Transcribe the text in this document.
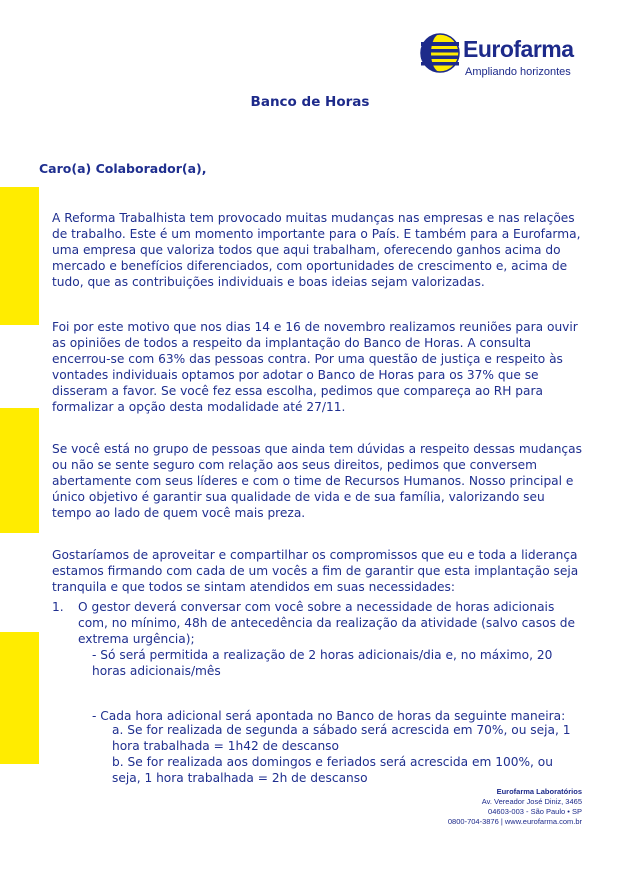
Eurofarma
Ampliando horizontes
Banco de Horas
Caro(a) Colaborador(a),

A Reforma Trabalhista tem provocado muitas mudanças nas empresas e nas relações de trabalho. Este é um momento importante para o País. E também para a Eurofarma, uma empresa que valoriza todos que aqui trabalham, oferecendo ganhos acima do mercado e benefícios diferenciados, com oportunidades de crescimento e, acima de tudo, que as contribuições individuais e boas ideias sejam valorizadas.

Foi por este motivo que nos dias 14 e 16 de novembro realizamos reuniões para ouvir as opiniões de todos a respeito da implantação do Banco de Horas. A consulta encerrou-se com 63% das pessoas contra. Por uma questão de justiça e respeito às vontades individuais optamos por adotar o Banco de Horas para os 37% que se disseram a favor. Se você fez essa escolha, pedimos que compareça ao RH para formalizar a opção desta modalidade até 27/11.

Se você está no grupo de pessoas que ainda tem dúvidas a respeito dessas mudanças ou não se sente seguro com relação aos seus direitos, pedimos que conversem abertamente com seus líderes e com o time de Recursos Humanos. Nosso principal e único objetivo é garantir sua qualidade de vida e de sua família, valorizando seu tempo ao lado de quem você mais preza.

Gostaríamos de aproveitar e compartilhar os compromissos que eu e toda a liderança estamos firmando com cada de um vocês a fim de garantir que esta implantação seja tranquila e que todos se sintam atendidos em suas necessidades:

1. O gestor deverá conversar com você sobre a necessidade de horas adicionais com, no mínimo, 48h de antecedência da realização da atividade (salvo casos de extrema urgência);
- Só será permitida a realização de 2 horas adicionais/dia e, no máximo, 20 horas adicionais/mês
- Cada hora adicional será apontada no Banco de horas da seguinte maneira:

a. Se for realizada de segunda a sábado será acrescida em 70%, ou seja, 1 hora trabalhada = 1h42 de descanso

b. Se for realizada aos domingos e feriados será acrescida em 100%, ou seja, 1 hora trabalhada = 2h de descanso

Eurofarma Laboratórios
Av. Vereador José Diniz, 3465
04603-003 - São Paulo • SP
0800-704-3876 | www.eurofarma.com.br
